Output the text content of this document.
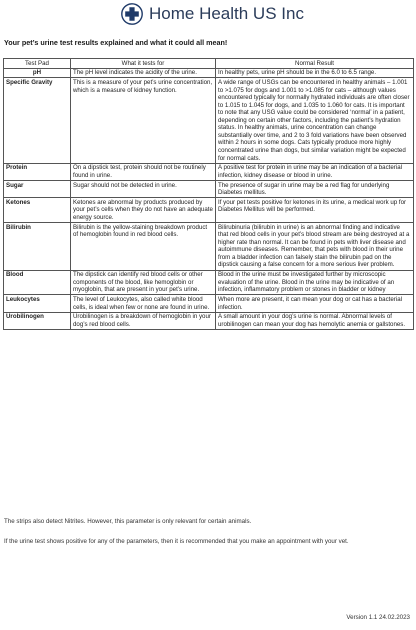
Home Health US Inc
Your pet’s urine test results explained and what it could all mean!
Test Pad	What it tests for	Normal Result
pH	The pH level indicates the acidity of the urine.	In healthy pets, urine pH should be in the 6.0 to 6.5 range.
Specific Gravity	This is a measure of your pet’s urine concentration, which is a measure of kidney function.	A wide range of USGs can be encountered in healthy animals – 1.001 to >1.075 for dogs and 1.001 to >1.085 for cats – although values encountered typically for normally hydrated individuals are often closer to 1.015 to 1.045 for dogs, and 1.035 to 1.060 for cats. It is important to note that any USG value could be considered ‘normal’ in a patient, depending on certain other factors, including the patient’s hydration status. In healthy animals, urine concentration can change substantially over time, and 2 to 3 fold variations have been observed within 2 hours in some dogs. Cats typically produce more highly concentrated urine than dogs, but similar variation might be expected for normal cats.
Protein	On a dipstick test, protein should not be routinely found in urine.	A positive test for protein in urine may be an indication of a bacterial infection, kidney disease or blood in urine.
Sugar	Sugar should not be detected in urine.	The presence of sugar in urine may be a red flag for underlying Diabetes mellitus.
Ketones	Ketones are abnormal by products produced by your pet’s cells when they do not have an adequate energy source.	If your pet tests positive for ketones in its urine, a medical work up for Diabetes Mellitus will be performed.
Bilirubin	Bilirubin is the yellow-staining breakdown product of hemoglobin found in red blood cells.	Bilirubinuria (bilirubin in urine) is an abnormal finding and indicative that red blood cells in your pet’s blood stream are being destroyed at a higher rate than normal. It can be found in pets with liver disease and autoimmune diseases. Remember, that pets with blood in their urine from a bladder infection can falsely stain the bilirubin pad on the dipstick causing a false concern for a more serious liver problem.
Blood	The dipstick can identify red blood cells or other components of the blood, like hemoglobin or myoglobin, that are present in your pet’s urine.	Blood in the urine must be investigated further by microscopic evaluation of the urine. Blood in the urine may be indicative of an infection, inflammatory problem or stones in bladder or kidney
Leukocytes	The level of Leukocytes, also called white blood cells, is ideal when few or none are found in urine.	When more are present, it can mean your dog or cat has a bacterial infection.
Urobilinogen	Urobilinogen is a breakdown of hemoglobin in your dog’s red blood cells.	A small amount in your dog’s urine is normal. Abnormal levels of urobilinogen can mean your dog has hemolytic anemia or gallstones.
The strips also detect Nitrites. However, this parameter is only relevant for certain animals.
If the urine test shows positive for any of the parameters, then it is recommended that you make an appointment with your vet.
Version 1.1 24.02.2023
